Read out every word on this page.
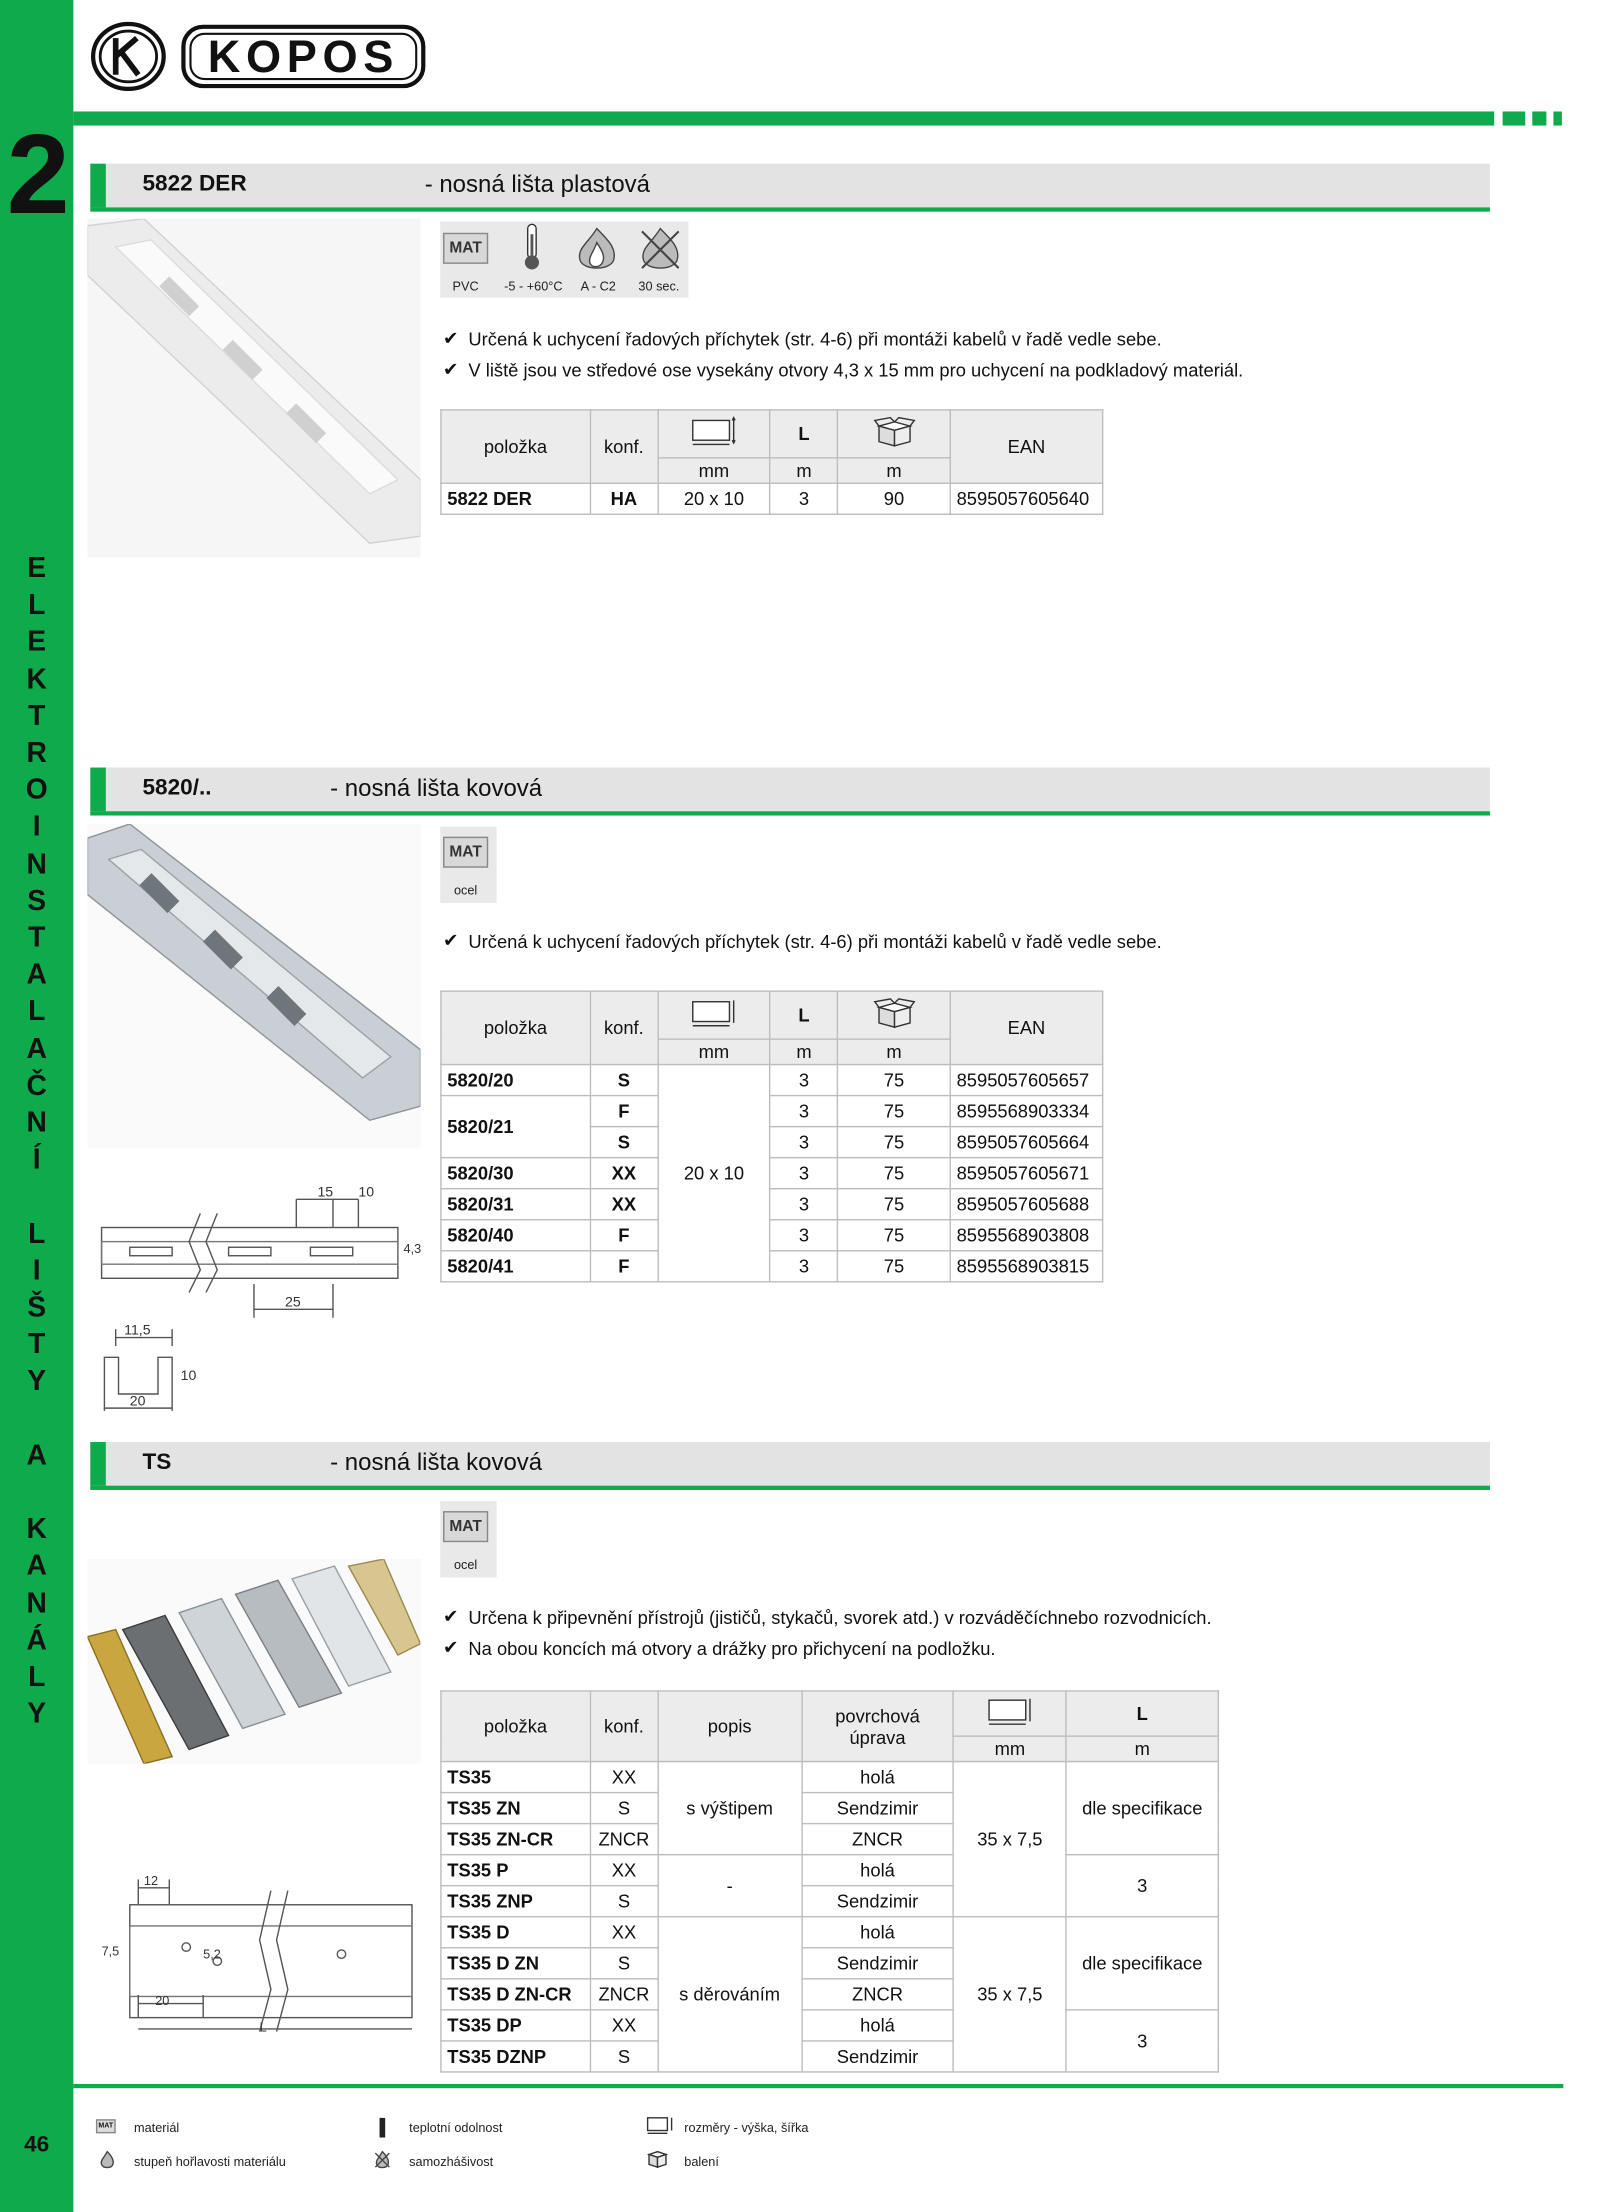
2
E
L
E
K
T
R
O
I
N
S
T
A
L
A
Č
N
Í
L
I
Š
T
Y
A
K
A
N
Á
L
Y
46
KOPOS
5822 DER	- nosná lišta plastová
MAT
PVC	-5 - +60°C	A - C2	30 sec.
✔ Určená k uchycení řadových příchytek (str. 4-6) při montáži kabelů v řadě vedle sebe.
✔ V liště jsou ve středové ose vysekány otvory 4,3 x 15 mm pro uchycení na podkladový materiál.
položka	konf.		L		EAN
		mm	m	m	
5822 DER	HA	20 x 10	3	90	8595057605640
5820/..	- nosná lišta kovová
15	10
25
11,5
10
20
4,3
MAT
ocel
✔ Určená k uchycení řadových příchytek (str. 4-6) při montáži kabelů v řadě vedle sebe.
položka	konf.		L		EAN
		mm	m	m	
5820/20	S	20 x 10	3	75	8595057605657
5820/21	F		3	75	8595568903334
	S		3	75	8595057605664
5820/30	XX		3	75	8595057605671
5820/31	XX		3	75	8595057605688
5820/40	F		3	75	8595568903808
5820/41	F		3	75	8595568903815
TS	- nosná lišta kovová
12
20
L
7,5	5,2
MAT
ocel
✔ Určena k připevnění přístrojů (jističů, stykačů, svorek atd.) v rozváděčíchnebo rozvodnicích.
✔ Na obou koncích má otvory a drážky pro přichycení na podložku.
položka	konf.	popis	povrchová úprava		L
				mm	m
TS35	XX	s výštipem	holá	35 x 7,5	dle specifikace
TS35 ZN	S		Sendzimir		
TS35 ZN-CR	ZNCR		ZNCR		
TS35 P	XX	-	holá		3
TS35 ZNP	S		Sendzimir		
TS35 D	XX	s děrováním	holá	35 x 7,5	dle specifikace
TS35 D ZN	S		Sendzimir		
TS35 D ZN-CR	ZNCR		ZNCR		
TS35 DP	XX		holá		3
TS35 DZNP	S		Sendzimir		
MAT materiál
stupeň hořlavosti materiálu
teplotní odolnost
samozhášivost
rozměry - výška, šířka
balení
